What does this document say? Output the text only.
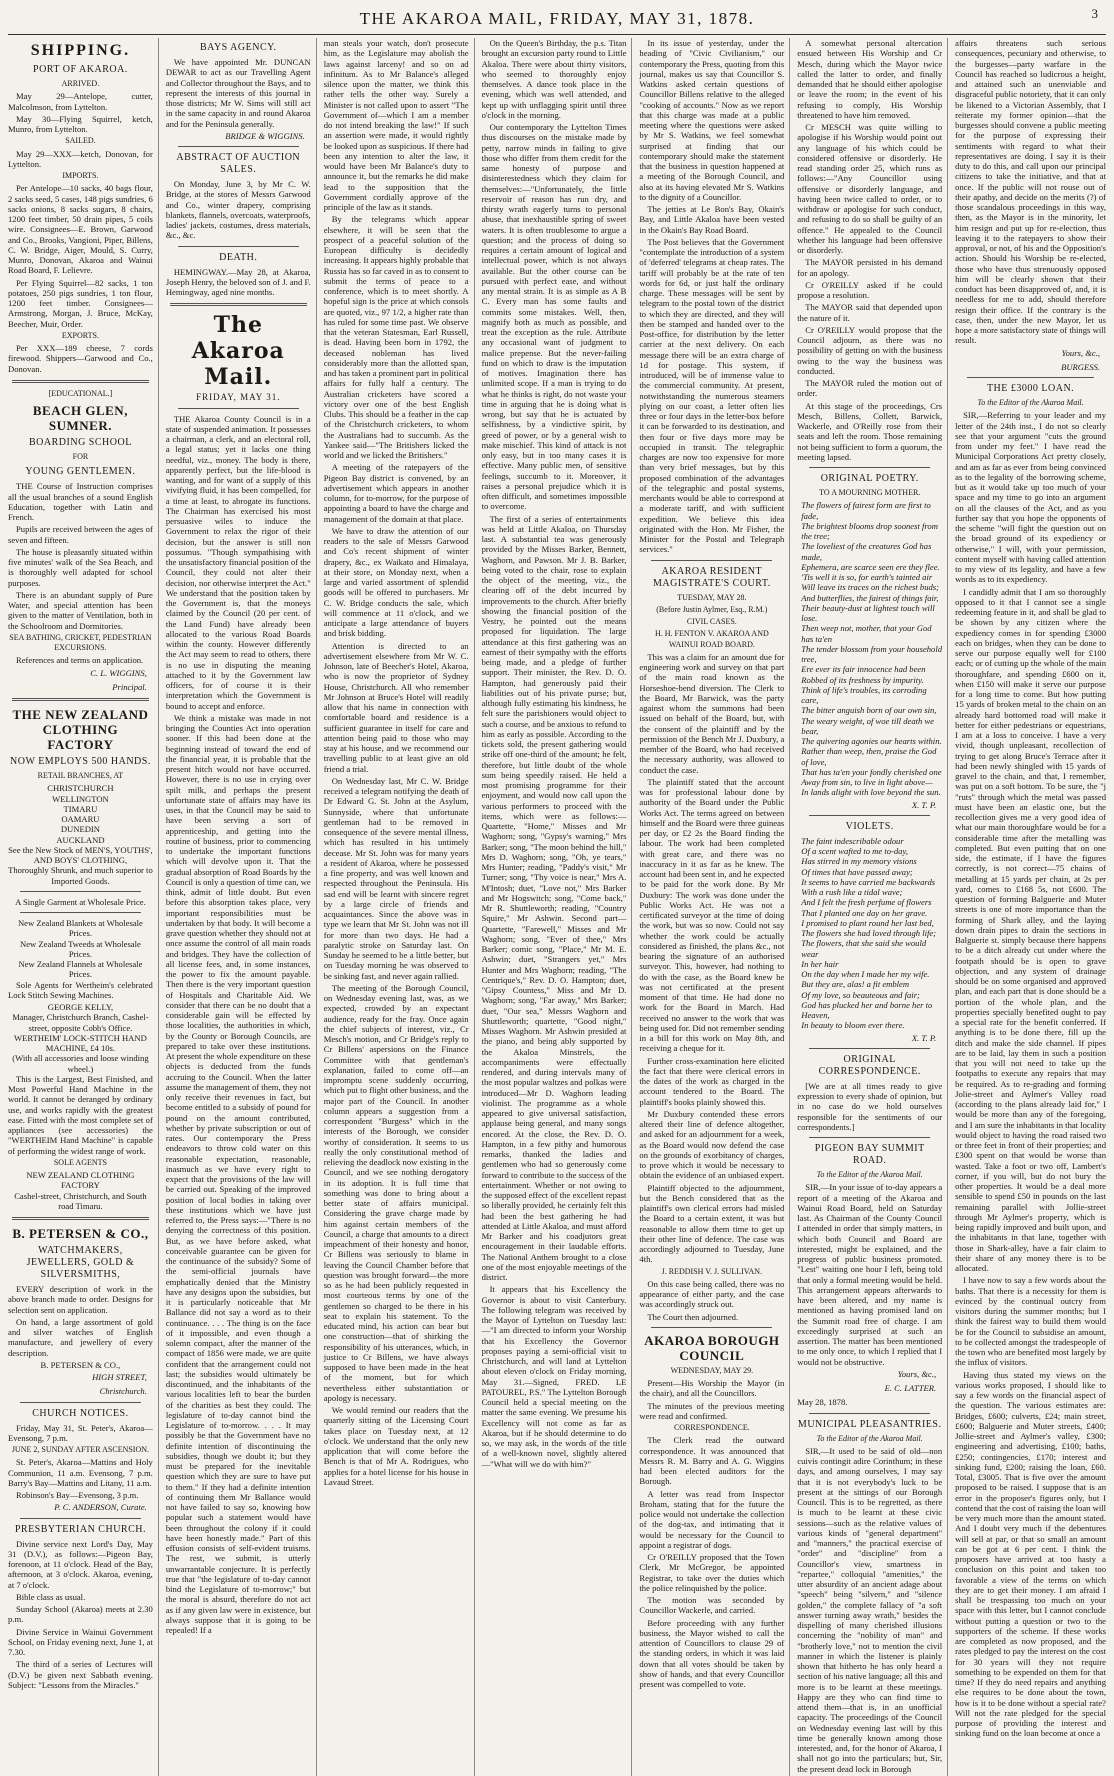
THE AKAROA MAIL, FRIDAY, MAY 31, 1878.	3
SHIPPING.
PORT OF AKAROA.
ARRIVED.

May 29—Antelope, cutter, Malcolmson, from Lyttelton.

May 30—Flying Squirrel, ketch, Munro, from Lyttelton.

SAILED.

May 29—XXX—ketch, Donovan, for Lyttelton.

IMPORTS.

Per Antelope—10 sacks, 40 bags flour, 2 sacks seed, 5 cases, 148 pigs sundries, 6 sacks onions, 8 sacks sugars, 8 chairs, 1200 feet timber, 50 drain pipes, 5 coils wire. Consignees—E. Brown, Garwood and Co., Brooks, Vangioni, Piper, Billens, C. W. Bridge, Aiger, Mould, S. Curry, Munro, Donovan, Akaroa and Wainui Road Board, F. Lelievre.

Per Flying Squirrel—82 sacks, 1 ton potatoes, 250 pigs sundries, 1 ton flour, 1200 feet timber. Consignees—Armstrong, Morgan, J. Bruce, McKay, Beecher, Muir, Order.

EXPORTS.

Per XXX—189 cheese, 7 cords firewood. Shippers—Garwood and Co., Donovan.

[EDUCATIONAL.]
BEACH GLEN, SUMNER.
BOARDING SCHOOL
FOR
YOUNG GENTLEMEN.

THE Course of Instruction comprises all the usual branches of a sound English Education, together with Latin and French.

Pupils are received between the ages of seven and fifteen.

The house is pleasantly situated within five minutes' walk of the Sea Beach, and is thoroughly well adapted for school purposes.

There is an abundant supply of Pure Water, and special attention has been given to the matter of Ventilation, both in the Schoolroom and Dormitories.

SEA BATHING, CRICKET, PEDESTRIAN EXCURSIONS.

References and terms on application.

C. L. WIGGINS,
Principal.
THE NEW ZEALAND CLOTHING FACTORY
NOW EMPLOYS 500 HANDS.
RETAIL BRANCHES, AT
CHRISTCHURCH
WELLINGTON
TIMARU
OAMARU
DUNEDIN
AUCKLAND
See the New Stock of MEN'S, YOUTHS', AND BOYS' CLOTHING,
Thoroughly Shrunk, and much superior to Imported Goods.
A Single Garment at Wholesale Price.
New Zealand Blankets at Wholesale Prices.
New Zealand Tweeds at Wholesale Prices.
New Zealand Flannels at Wholesale Prices.

Sole Agents for Wertheim's celebrated Lock Stitch Sewing Machines.

GEORGE KELLY,
Manager, Christchurch Branch, Cashel-street, opposite Cobb's Office.
WERTHEIM' LOCK-STITCH HAND MACHINE, £4 10s.
(With all accessories and loose winding wheel.)

This is the Largest, Best Finished, and Most Powerful Hand Machine in the world. It cannot be deranged by ordinary use, and works rapidly with the greatest ease. Fitted with the most complete set of appliances (see accessories) the "WERTHEIM Hand Machine" is capable of performing the widest range of work.

SOLE AGENTS
NEW ZEALAND CLOTHING FACTORY
Cashel-street, Christchurch, and South road Timaru.
B. PETERSEN & CO.,
WATCHMAKERS, JEWELLERS, GOLD & SILVERSMITHS,

EVERY description of work in the above branch made to order. Designs for selection sent on application.

On hand, a large assortment of gold and silver watches of English manufacture, and jewellery of every description.

B. PETERSEN & CO.,
HIGH STREET,
Christchurch.
CHURCH NOTICES.

Friday, May 31, St. Peter's, Akaroa—Evensong, 7 p.m.

JUNE 2, SUNDAY AFTER ASCENSION.

St. Peter's, Akaroa—Mattins and Holy Communion, 11 a.m. Evensong, 7 p.m. Barry's Bay—Mattins and Litany, 11 a.m.

Robinson's Bay—Evensong, 3 p.m.

P. C. ANDERSON, Curate.
PRESBYTERIAN CHURCH.

Divine service next Lord's Day, May 31 (D.V.), as follows:—Pigeon Bay, forenoon, at 11 o'clock. Head of the Bay, afternoon, at 3 o'clock. Akaroa, evening, at 7 o'clock.

Bible class as usual.

Sunday School (Akaroa) meets at 2.30 p.m.

Divine Service in Wainui Government School, on Friday evening next, June 1, at 7.30.

The third of a series of Lectures will (D.V.) be given next Sabbath evening. Subject: "Lessons from the Miracles."

BAYS AGENCY.

We have appointed Mr. DUNCAN DEWAR to act as our Travelling Agent and Collector throughout the Bays, and to represent the interests of this journal in those districts; Mr W. Sims will still act in the same capacity in and round Akaroa and for the Peninsula generally.

BRIDGE & WIGGINS.
ABSTRACT OF AUCTION SALES.

On Monday, June 3, by Mr C. W. Bridge, at the stores of Messrs Garwood and Co., winter drapery, comprising blankets, flannels, overcoats, waterproofs, ladies' jackets, costumes, dress materials, &c., &c.

DEATH.

HEMINGWAY.—May 28, at Akaroa, Joseph Henry, the beloved son of J. and F. Hemingway, aged nine months.

The Akaroa Mail.
FRIDAY, MAY 31.

THE Akaroa County Council is in a state of suspended animation. It possesses a chairman, a clerk, and an electoral roll, a legal status; yet it lacks one thing needful, viz., money. The body is there, apparently perfect, but the life-blood is wanting, and for want of a supply of this vivifying fluid, it has been compelled, for a time at least, to abrogate its functions. The Chairman has exercised his most persuasive wiles to induce the Government to relax the rigor of their decision, but the answer is still non possumus. "Though sympathising with the unsatisfactory financial position of the Council, they could not alter their decision, nor otherwise interpret the Act." We understand that the position taken by the Government is, that the moneys claimed by the Council (20 per cent. of the Land Fund) have already been allocated to the various Road Boards within the county. However differently the Act may seem to read to others, there is no use in disputing the meaning attached to it by the Government law officers, for of course it is their interpretation which the Government is bound to accept and enforce.

We think a mistake was made in not bringing the Counties Act into operation sooner. If this had been done at the beginning instead of toward the end of the financial year, it is probable that the present hitch would not have occurred. However, there is no use in crying over spilt milk, and perhaps the present unfortunate state of affairs may have its uses, in that the Council may be said to have been serving a sort of apprenticeship, and getting into the routine of business, prior to commencing to undertake the important functions which will devolve upon it. That the gradual absorption of Road Boards by the Council is only a question of time can, we think, admit of little doubt. But even before this absorption takes place, very important responsibilities must be undertaken by that body. It will become a grave question whether they should not at once assume the control of all main roads and bridges. They have the collection of all license fees, and, in some instances, the power to fix the amount payable. Then there is the very important question of Hospitals and Charitable Aid. We consider that there can be no doubt that a considerable gain will be effected by those localities, the authorities in which, by the County or Borough Councils, are prepared to take over these institutions. At present the whole expenditure on these objects is deducted from the funds accruing to the Council. When the latter assume the management of them, they not only receive their revenues in fact, but become entitled to a subsidy of pound for pound on the amount contributed, whether by private subscription or out of rates. Our contemporary the Press endeavors to throw cold water on this reasonable expectation, reasonable, inasmuch as we have every right to expect that the provisions of the law will be carried out. Speaking of the improved position of local bodies in taking over these institutions which we have just referred to, the Press says:—"There is no denying the correctness of this position. But, as we have before asked, what conceivable guarantee can be given for the continuance of the subsidy? Some of the semi-official journals have emphatically denied that the Ministry have any designs upon the subsidies, but it is particularly noticeable that Mr Ballance did not say a word as to their continuance. . . . The thing is on the face of it impossible, and even though a solemn compact, after the manner of the compact of 1856 were made, we are quite confident that the arrangement could not last; the subsidies would ultimately be discontinued, and the inhabitants of the various localities left to bear the burden of the charities as best they could. The legislature of to-day cannot bind the Legislature of to-morrow. . . . It may possibly be that the Government have no definite intention of discontinuing the subsidies, though we doubt it; but they must be prepared for the inevitable question which they are sure to have put to them." If they had a definite intention of continuing them Mr Ballance would not have failed to say so, knowing how popular such a statement would have been throughout the colony if it could have been honestly made." Part of this effusion consists of self-evident truisms. The rest, we submit, is utterly unwarrantable conjecture. It is perfectly true that "the legislature of to-day cannot bind the Legislature of to-morrow;" but the moral is absurd, therefore do not act as if any given law were in existence, but always suppose that it is going to be repealed! If a

man steals your watch, don't prosecute him, as the Legislature may abolish the laws against larceny! and so on ad infinitum. As to Mr Balance's alleged silence upon the matter, we think this rather tells the other way. Surely a Minister is not called upon to assert "The Government of—which I am a member do not intend breaking the law!" If such an assertion were made, it would rightly be looked upon as suspicious. If there had been any intention to alter the law, it would have been Mr Balance's duty to announce it, but the remarks he did make lead to the supposition that the Government cordially approve of the principle of the law as it stands.

By the telegrams which appear elsewhere, it will be seen that the prospect of a peaceful solution of the European difficulty is decidedly increasing. It appears highly probable that Russia has so far caved in as to consent to submit the terms of peace to a conference, which is to meet shortly. A hopeful sign is the price at which consols are quoted, viz., 97 1/2, a higher rate than has ruled for some time past. We observe that the veteran Statesman, Earl Russell, is dead. Having been born in 1792, the deceased nobleman has lived considerably more than the allotted span, and has taken a prominent part in political affairs for fully half a century. The Australian cricketers have scored a victory over one of the best English Clubs. This should be a feather in the cap of the Christchurch cricketers, to whom the Australians had to succumb. As the Yankee said—"The Britishers licked the world and we licked the Britishers."

A meeting of the ratepayers of the Pigeon Bay district is convened, by an advertisement which appears in another column, for to-morrow, for the purpose of appointing a board to have the charge and management of the domain at that place.

We have to draw the attention of our readers to the sale of Messrs Garwood and Co's recent shipment of winter drapery, &c., ex Waikato and Himalaya, at their store, on Monday next, when a large and varied assortment of splendid goods will be offered to purchasers. Mr C. W. Bridge conducts the sale, which will commence at 11 o'clock, and we anticipate a large attendance of buyers and brisk bidding.

Attention is directed to an advertisement elsewhere from Mr W. C. Johnson, late of Beecher's Hotel, Akaroa, who is now the proprietor of Sydney House, Christchurch. All who remember Mr Johnson at Bruce's Hotel will readily allow that his name in connection with comfortable board and residence is a sufficient guarantee in itself for care and attention being paid to those who may stay at his house, and we recommend our travelling public to at least give an old friend a trial.

On Wednesday last, Mr C. W. Bridge received a telegram notifying the death of Dr Edward G. St. John at the Asylum, Sunnyside, where that unfortunate gentleman had to be removed in consequence of the severe mental illness, which has resulted in his untimely decease. Mr St. John was for many years a resident of Akaroa, where he possessed a fine property, and was well known and respected throughout the Peninsula. His sad end will be learnt with sincere regret by a large circle of friends and acquaintances. Since the above was in type we learn that Mr St. John was not ill for more than two days. He had a paralytic stroke on Saturday last. On Sunday he seemed to be a little better, but on Tuesday morning he was observed to be sinking fast, and never again rallied.

The meeting of the Borough Council, on Wednesday evening last, was, as we expected, crowded by an expectant audience, ready for the fray. Once again the chief subjects of interest, viz., Cr Mesch's motion, and Cr Bridge's reply to Cr Billens' aspersions on the Finance Committee with that gentleman's explanation, failed to come off—an impromptu scene suddenly occurring, which put to flight other business, and the major part of the Council. In another column appears a suggestion from a correspondent "Burgess" which in the interests of the Borough, we consider worthy of consideration. It seems to us really the only constitutional method of relieving the deadlock now existing in the Council, and we see nothing derogatory in its adoption. It is full time that something was done to bring about a better state of affairs municipal. Considering the grave charge made by him against certain members of the Council, a charge that amounts to a direct impeachment of their honesty and honor, Cr Billens was seriously to blame in leaving the Council Chamber before that question was brought forward—the more so as he had been publicly requested in most courteous terms by one of the gentlemen so charged to be there in his seat to explain his statement. To the educated mind, his action can bear but one construction—that of shirking the responsibility of his utterances, which, in justice to Cr Billens, we have always supposed to have been made in the heat of the moment, but for which nevertheless either substantiation or apology is necessary.

We would remind our readers that the quarterly sitting of the Licensing Court takes place on Tuesday next, at 12 o'clock. We understand that the only new application that will come before the Bench is that of Mr A. Rodrigues, who applies for a hotel license for his house in Lavaud Street.

On the Queen's Birthday, the p.s. Titan brought an excursion party round to Little Akaloa. There were about thirty visitors, who seemed to thoroughly enjoy themselves. A dance took place in the evening, which was well attended, and kept up with unflagging spirit until three o'clock in the morning.

Our contemporary the Lyttelton Times thus discourses on the mistake made by petty, narrow minds in failing to give those who differ from them credit for the same honesty of purpose and disinterestedness which they claim for themselves:—"Unfortunately, the little reservoir of reason has run dry, and thirsty wrath eagerly turns to personal abuse, that inexhaustible spring of sweet waters. It is often troublesome to argue a question; and the process of doing so requires a certain amount of logical and intellectual power, which is not always available. But the other course can be pursued with perfect ease, and without any mental strain. It is as simple as A B C. Every man has some faults and commits some mistakes. Well, then, magnify both as much as possible, and treat the exception as the rule. Attribute any occasional want of judgment to malice prepense. But the never-failing fund on which to draw is the imputation of motives. Imagination there has unlimited scope. If a man is trying to do what he thinks is right, do not waste your time in arguing that he is doing what is wrong, but say that he is actuated by selfishness, by a vindictive spirit, by greed of power, or by a general wish to make mischief. This kind of attack is not only easy, but in too many cases it is effective. Many public men, of sensitive feelings, succumb to it. Moreover, it raises a personal prejudice which it is often difficult, and sometimes impossible to overcome.

The first of a series of entertainments was held at Little Akaloa, on Thursday last. A substantial tea was generously provided by the Misses Barker, Bennett, Waghorn, and Pawson. Mr J. B. Barker, being voted to the chair, rose to explain the object of the meeting, viz., the clearing off of the debt incurred by improvements to the church. After briefly showing the financial position of the Vestry, he pointed out the means proposed for liquidation. The large attendance at this first gathering was an earnest of their sympathy with the efforts being made, and a pledge of further support. Their minister, the Rev. D. O. Hampton, had generously paid their liabilities out of his private purse; but, although fully estimating his kindness, he felt sure the parishioners would object to such a course, and be anxious to refund to him as early as possible. According to the tickets sold, the present gathering would strike off one-third of the amount; he felt, therefore, but little doubt of the whole sum being speedily raised. He held a most promising programme for their enjoyment, and would now call upon the various performers to proceed with the items, which were as follows:—Quartette, "Home," Misses and Mr Waghorn; song, "Gypsy's warning," Mrs Barker; song, "The moon behind the hill," Mrs D. Waghorn; song, "Oh, ye tears," Mrs Hunter; reading, "Paddy's visit," Mr Turner; song, "Thy voice is near," Mrs A. M'Intosh; duet, "Love not," Mrs Barker and Mr Hogswitch; song, "Come back," Mr R. Shuttleworth; reading, "Country Squire," Mr Ashwin. Second part—Quartette, "Farewell," Misses and Mr Waghorn; song, "Ever of thee," Mrs Barker; comic song, "Place," Mr M. E. Ashwin; duet, "Strangers yet," Mrs Hunter and Mrs Waghorn; reading, "The Centrique's," Rev. D. O. Hampton; duet, "Gipsy Countess," Miss and Mr D. Waghorn; song, "Far away," Mrs Barker; duet, "Our sea," Messrs Waghorn and Shuttleworth; quartette, "Good night," Misses Waghorn. Mr Ashwin presided at the piano, and being ably supported by the Akaloa Minstrels, the accompaniments were effectually rendered, and during intervals many of the most popular waltzes and polkas were introduced—Mr D. Waghorn leading violinist. The programme as a whole appeared to give universal satisfaction, applause being general, and many songs encored. At the close, the Rev. D. O. Hampton, in a few pithy and humorous remarks, thanked the ladies and gentlemen who had so generously come forward to contribute to the success of the entertainment. Whether or not owing to the supposed effect of the excellent repast so liberally provided, he certainly felt this had been the best gathering he had attended at Little Akaloa, and must afford Mr Barker and his coadjutors great encouragement in their laudable efforts. The National Anthem brought to a close one of the most enjoyable meetings of the district.

It appears that his Excellency the Governor is about to visit Canterbury. The following telegram was received by the Mayor of Lyttelton on Tuesday last:—"I am directed to inform your Worship that his Excellency the Governor proposes paying a semi-official visit to Christchurch, and will land at Lyttelton about eleven o'clock on Friday morning, May 31.—Signed, FRED. LE PATOUREL, P.S." The Lyttelton Borough Council held a special meeting on the matter the same evening. We presume his Excellency will not come as far as Akaroa, but if he should determine to do so, we may ask, in the words of the title of a well-known novel, slightly altered—"What will we do with him?"

In its issue of yesterday, under the heading of "Civic Civilianism," our contemporary the Press, quoting from this journal, makes us say that Councillor S. Watkins asked certain questions of Councillor Billens relative to the alleged "cooking of accounts." Now as we report that this charge was made at a public meeting where the questions were asked by Mr S. Watkins, we feel somewhat surprised at finding that our contemporary should make the statement that the business in question happened at a meeting of the Borough Council, and also at its having elevated Mr S. Watkins to the dignity of a Councillor.

The jetties at Le Bon's Bay, Okain's Bay, and Little Akaloa have been vested in the Okain's Bay Road Board.

The Post believes that the Government "contemplate the introduction of a system of 'deferred' telegrams at cheap rates. The tariff will probably be at the rate of ten words for 6d, or just half the ordinary charge. These messages will be sent by telegram to the postal town of the district to which they are directed, and they will then be stamped and handed over to the Post-office, for distribution by the letter carrier at the next delivery. On each message there will be an extra charge of 1d for postage. This system, if introduced, will be of immense value to the commercial community. At present, notwithstanding the numerous steamers plying on our coast, a letter often lies three or four days in the letter-box before it can be forwarded to its destination, and then four or five days more may be occupied in transit. The telegraphic charges are now too expensive for more than very brief messages, but by this proposed combination of the advantages of the telegraphic and postal systems, merchants would be able to correspond at a moderate tariff, and with sufficient expedition. We believe this idea originated with the Hon. Mr Fisher, the Minister for the Postal and Telegraph services."

AKAROA RESIDENT MAGISTRATE'S COURT.
TUESDAY, MAY 28.
(Before Justin Aylmer, Esq., R.M.)
CIVIL CASES.
H. H. FENTON V. AKAROA AND WAINUI ROAD BOARD.

This was a claim for an amount due for engineering work and survey on that part of the main road known as the Horseshoe-bend diversion. The Clerk to the Board, Mr Barwick, was the party against whom the summons had been issued on behalf of the Board, but, with the consent of the plaintiff and by the permission of the Bench Mr J. Duxbury, a member of the Board, who had received the necessary authority, was allowed to conduct the case.

The plaintiff stated that the account was for professional labour done by authority of the Board under the Public Works Act. The terms agreed on between himself and the Board were three guineas per day, or £2 2s the Board finding the labour. The work had been completed with great care, and there was no inaccuracy in it as far as he knew. The account had been sent in, and he expected to be paid for the work done. By Mr Duxbury: The work was done under the Public Works Act. He was not a certificated surveyor at the time of doing the work, but was so now. Could not say whether the work could be actually considered as finished, the plans &c., not bearing the signature of an authorised surveyor. This, however, had nothing to do with the case, as the Board knew he was not certificated at the present moment of that time. He had done no work for the Board in March. Had received no answer to the work that was being used for. Did not remember sending in a bill for this work on May 8th, and receiving a cheque for it.

Further cross-examination here elicited the fact that there were clerical errors in the dates of the work as charged in the account tendered to the Board. The plaintiff's books plainly showed this.

Mr Duxbury contended these errors altered their line of defence altogether, and asked for an adjournment for a week, as the Board would now defend the case on the grounds of exorbitancy of charges, to prove which it would be necessary to obtain the evidence of an unbiased expert.

Plaintiff objected to the adjournment, but the Bench considered that as the plaintiff's own clerical errors had misled the Board to a certain extent, it was but reasonable to allow them time to get up their other line of defence. The case was accordingly adjourned to Tuesday, June 4th.

J. REDDISH V. J. SULLIVAN.

On this case being called, there was no appearance of either party, and the case was accordingly struck out.

The Court then adjourned.

AKAROA BOROUGH COUNCIL
WEDNESDAY, MAY 29.

Present—His Worship the Mayor (in the chair), and all the Councillors.

The minutes of the previous meeting were read and confirmed.

CORRESPONDENCE.

The Clerk read the outward correspondence. It was announced that Messrs R. M. Barry and A. G. Wiggins had been elected auditors for the Borough.

A letter was read from Inspector Broham, stating that for the future the police would not undertake the collection of the dog-tax, and intimating that it would be necessary for the Council to appoint a registrar of dogs.

Cr O'REILLY proposed that the Town Clerk, Mr McGregor, be appointed Registrar, to take over the duties which the police relinquished by the police.

The motion was seconded by Councillor Wackerle, and carried.

Before proceeding with any further business, the Mayor wished to call the attention of Councillors to clause 29 of the standing orders, in which it was laid down that all votes should be taken by show of hands, and that every Councillor present was compelled to vote.

A somewhat personal altercation ensued between His Worship and Cr Mesch, during which the Mayor twice called the latter to order, and finally demanded that he should either apologise or leave the room; in the event of his refusing to comply, His Worship threatened to have him removed.

Cr MESCH was quite willing to apologise if his Worship would point out any language of his which could be considered offensive or disorderly. He read standing order 25, which runs as follows:—"Any Councillor using offensive or disorderly language, and having been twice called to order, or to withdraw or apologise for such conduct, and refusing to do so shall be guilty of an offence." He appealed to the Council whether his language had been offensive or disorderly.

The MAYOR persisted in his demand for an apology.

Cr O'REILLY asked if he could propose a resolution.

The MAYOR said that depended upon the nature of it.

Cr O'REILLY would propose that the Council adjourn, as there was no possibility of getting on with the business owing to the way the business was conducted.

The MAYOR ruled the motion out of order.

At this stage of the proceedings, Crs Mesch, Billens, Collett, Barwick, Wackerle, and O'Reilly rose from their seats and left the room. Those remaining not being sufficient to form a quorum, the meeting lapsed.

ORIGINAL POETRY.
TO A MOURNING MOTHER.
The flowers of fairest form are first to fade,
The brightest blooms drop soonest from the tree;
The loveliest of the creatures God has made,
Ephemera, are scarce seen ere they flee.
'Tis well it is so, for earth's tainted air
Will leave its traces on the richest buds;
And butterflies, the fairest of things fair,
Their beauty-dust at lightest touch will lose.
Then weep not, mother, that your God has ta'en
The tender blossom from your household tree,
Ere ever its fair innocence had been
Robbed of its freshness by impurity.
Think of life's troubles, its corroding care,
The bitter anguish born of our own sin,
The weary weight, of woe till death we bear,
The quivering agonies our hearts within.
Rather than weep, then, praise the God of love,
That has ta'en your fondly cherished one
Away from sin, to live in light above—
In lands alight with love beyond the sun.
X. T. P.
VIOLETS.
The faint indescribable odour
Of a scent wafted to me to-day,
Has stirred in my memory visions
Of times that have passed away;
It seems to have carried me backwards
With a rush like a tidal wave;
And I felt the fresh perfume of flowers
That I planted one day on her grave.
I promised to plant round her last bed,
The flowers she had loved through life;
The flowers, that she said she would wear
In her hair
On the day when I made her my wife.
But they are, alas! a fit emblem
Of my love, so beauteous and fair;
God has plucked her and borne her to Heaven,
In beauty to bloom ever there.
X. T. P.
ORIGINAL CORRESPONDENCE.

[We are at all times ready to give expression to every shade of opinion, but in no case do we hold ourselves responsible for the sentiments of our correspondents.]

PIGEON BAY SUMMIT ROAD.
To the Editor of the Akaroa Mail.

SIR,—In your issue of to-day appears a report of a meeting of the Akaroa and Wainui Road Board, held on Saturday last. As Chairman of the County Council I attended in order that simply matters, in which both Council and Board are interested, might be explained, and the progress of public business promoted. "Lest" waiting one hour I left, being told that only a formal meeting would be held. This arrangement appears afterwards to have been altered, and my name is mentioned as having promised land on the Summit road free of charge. I am exceedingly surprised at such an assertion. The matter has been mentioned to me only once, to which I replied that I would not be obstructive.

Yours, &c.,
E. C. LATTER.

May 28, 1878.

MUNICIPAL PLEASANTRIES.
To the Editor of the Akaroa Mail.

SIR,—It used to be said of old—non cuivis contingit adire Corinthum; in these days, and among ourselves, I may say that it is not everybody's luck to be present at the sittings of our Borough Council. This is to be regretted, as there is much to be learnt at these civic sessions—such as the relative values of various kinds of "general department" and "manners," the practical exercise of "order" and "discipline" from a Councillor's view, smartness in "repartee," colloquial "amenities," the utter absurdity of an ancient adage about "speech" being "silvern," and "silence golden," the complete fallacy of "a soft answer turning away wrath," besides the dispelling of many cherished illusions concerning the "nobility of man" and "brotherly love," not to mention the civil manner in which the listener is plainly shown that hitherto he has only heard a section of his native language; all this and more is to be learnt at these meetings. Happy are they who can find time to attend them—that is, in an unofficial capacity. The proceedings of the Council on Wednesday evening last will by this time be generally known among those interested, and, for the honor of Akaroa, I shall not go into the particulars; but, Sir, the present dead lock in Borough

affairs threatens such serious consequences, pecuniary and otherwise, to the burgesses—party warfare in the Council has reached so ludicrous a height, and attained such an unenviable and disgraceful public notoriety, that it can only be likened to a Victorian Assembly, that I reiterate my former opinion—that the burgesses should convene a public meeting for the purpose of expressing their sentiments with regard to what their representatives are doing. I say it is their duty to do this, and call upon our principal citizens to take the initiative, and that at once. If the public will not rouse out of their apathy, and decide on the merits (?) of those scandalous proceedings in this way, then, as the Mayor is in the minority, let him resign and put up for re-election, thus leaving it to the ratepayers to show their approval, or not, of his and the Opposition's action. Should his Worship be re-elected, those who have thus strenuously opposed him will be clearly shown that their conduct has been disapproved of, and, it is needless for me to add, should therefore resign their office. If the contrary is the case, then, under the new Mayor, let us hope a more satisfactory state of things will result.

Yours, &c.,
BURGESS.
THE £3000 LOAN.
To the Editor of the Akaroa Mail.

SIR,—Referring to your leader and my letter of the 24th inst., I do not so clearly see that your argument "cuts the ground from under my feet." I have read the Municipal Corporations Act pretty closely, and am as far as ever from being convinced as to the legality of the borrowing scheme, but as it would take up too much of your space and my time to go into an argument on all the clauses of the Act, and as you further say that you hope the opponents of the scheme "will fight the question out on the broad ground of its expediency or otherwise," I will, with your permission, content myself with having called attention to my view of its legality, and have a few words as to its expediency.

I candidly admit that I am so thoroughly opposed to it that I cannot see a single redeeming feature in it, and shall be glad to be shown by any citizen where the expediency comes in for spending £3000 each on bridges, when they can be done to serve our purpose equally well for £100 each; or of cutting up the whole of the main thoroughfare, and spending £600 on it, when £150 will make it serve our purpose for a long time to come. But how putting 15 yards of broken metal to the chain on an already hard bottomed road will make it better for either pedestrians or equestrians, I am at a loss to conceive. I have a very vivid, though unpleasant, recollection of trying to get along Bruce's Terrace after it had been newly shingled with 15 yards of gravel to the chain, and that, I remember, was put on a soft bottom. To be sure, the "j "ruts" through which the metal was passed must have been an elastic one, but the recollection gives me a very good idea of what our main thoroughfare would be for a considerable time after the metalling was completed. But even putting that on one side, the estimate, if I have the figures correctly, is not correct—75 chains of metalling at 15 yards per chain, at 2s per yard, comes to £168 5s, not £600. The question of forming Balguerie and Muter streets is one of more importance than the forming of Shark alley, and the laying down drain pipes to drain the sections in Balguerie st. simply because there happens to be a ditch already cut under where the footpath should be is open to grave objection, and any system of drainage should be on some organised and approved plan, and each part that is done should be a portion of the whole plan, and the properties specially benefited ought to pay a special rate for the benefit conferred. If anything is to be done there, fill up the ditch and make the side channel. If pipes are to be laid, lay them in such a position that you will not need to take up the footpaths to execute any repairs that may be required. As to re-grading and forming Jolie-street and Aylmer's Valley road (according to the plans already laid for," I would be more than any of the foregoing, and I am sure the inhabitants in that locality would object to having the road raised two or three feet in front of their properties; and £300 spent on that would be worse than wasted. Take a foot or two off, Lambert's corner, if you will, but do not bury the other properties. It would be a deal more sensible to spend £50 in pounds on the last remaining parallel with Jollie-street through Mr Aylmer's property, which is being rapidly improved and built upon, and the inhabitants in that lane, together with those in Shark-alley, have a fair claim to their share of any money there is to be allocated.

I have now to say a few words about the baths. That there is a necessity for them is evinced by the continual outcry from visitors during the summer months; but I think the fairest way to build them would be for the Council to subsidise an amount, to be collected amongst the tradespeople of the town who are benefited most largely by the influx of visitors.

Having thus stated my views on the various works proposed, I should like to say a few words on the financial aspect of the question. The various estimates are: Bridges, £600; culverts, £24; main street, £600; Balguerie and Muter streets, £400; Jollie-street and Aylmer's valley, £300; engineering and advertising, £100; baths, £250; contingencies, £170; interest and sinking fund, £200; raising the loan, £60. Total, £3005. That is five over the amount proposed to be raised. I suppose that is an error in the proposer's figures only, but I contend that the cost of raising the loan will be very much more than the amount stated. And I doubt very much if the debentures will sell at par, or that so small an amount can be got at 6 per cent. I think the proposers have arrived at too hasty a conclusion on this point and taken too favorable a view of the terms on which they are to get their money. I am afraid I shall be trespassing too much on your space with this letter, but I cannot conclude without putting a question or two to the supporters of the scheme. If these works are completed as now proposed, and the rates pledged to pay the interest on the cost for 30 years will they not require something to be expended on them for that time? If they do need repairs and anything else requires to be done about the town, how is it to be done without a special rate? Will not the rate pledged for the special purpose of providing the interest and sinking fund on the loan become at once a
